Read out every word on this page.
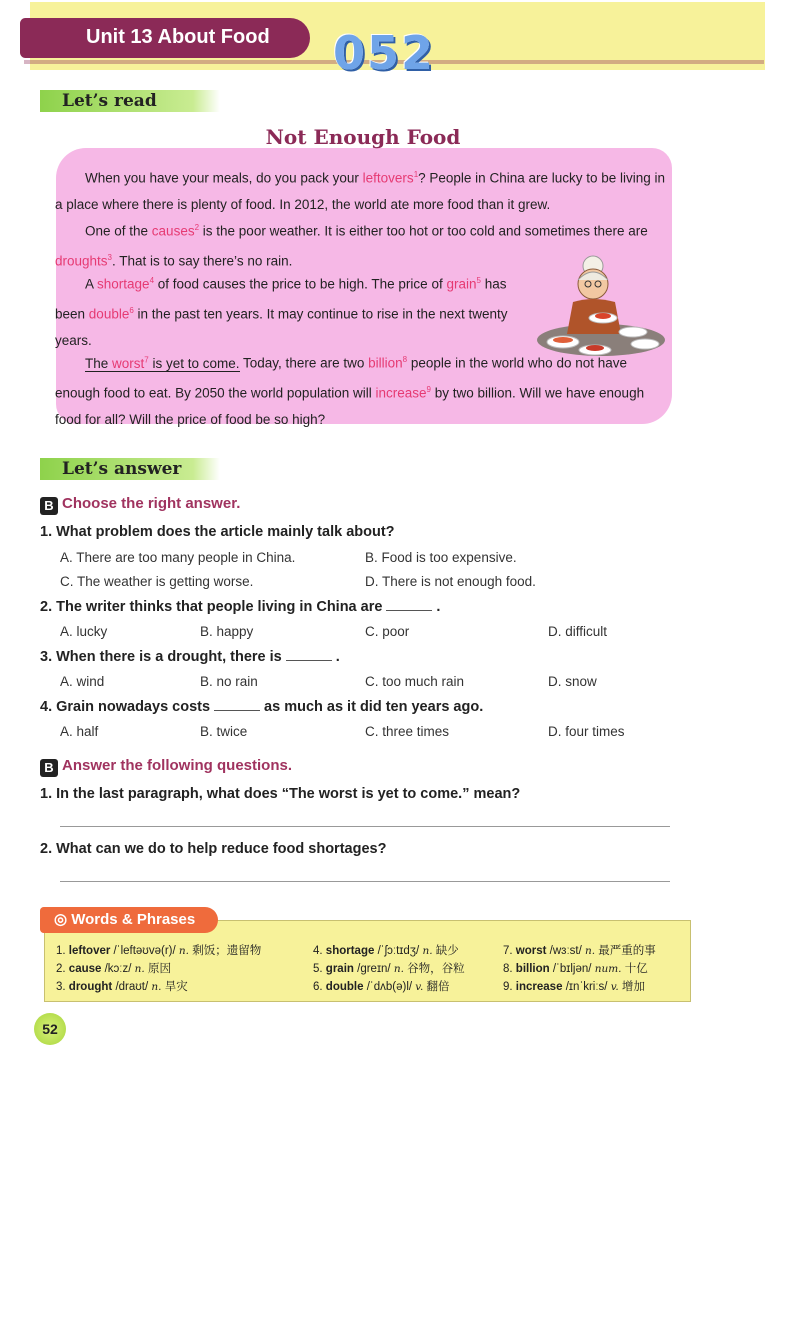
Unit 13 About Food	052
Let’s read
Not Enough Food
When you have your meals, do you pack your leftovers$^1$? People in China are lucky to be living in a place where there is plenty of food. In 2012, the world ate more food than it grew.
One of the causes$^2$ is the poor weather. It is either too hot or too cold and sometimes there are droughts$^3$. That is to say there’s no rain.
A shortage$^4$ of food causes the price to be high. The price of grain$^5$ has been double$^6$ in the past ten years. It may continue to rise in the next twenty years.
The worst$^7$ is yet to come. Today, there are two billion$^8$ people in the world who do not have enough food to eat. By 2050 the world population will increase$^9$ by two billion. Will we have enough food for all? Will the price of food be so high?
Let’s answer
B Choose the right answer.
1. What problem does the article mainly talk about?
A. There are too many people in China.	B. Food is too expensive.
C. The weather is getting worse.	D. There is not enough food.
2. The writer thinks that people living in China are	.
A. lucky	B. happy	C. poor	D. difficult
3. When there is a drought, there is	.
A. wind	B. no rain	C. too much rain	D. snow
4. Grain nowadays costs	as much as it did ten years ago.
A. half	B. twice	C. three times	D. four times
B Answer the following questions.
1. In the last paragraph, what does “The worst is yet to come.” mean?
2. What can we do to help reduce food shortages?
◎ Words & Phrases
1. leftover /ˈleftəʊvə(r)/ n. 剩饭；遗留物
2. cause /kɔːz/ n. 原因
3. drought /draʊt/ n. 旱灾
4. shortage /ˈʃɔːtɪdʒ/ n. 缺少
5. grain /ɡreɪn/ n. 谷物，谷粒
6. double /ˈdʌb(ə)l/ v. 翻倍
7. worst /wɜːst/ n. 最严重的事
8. billion /ˈbɪljən/ num. 十亿
9. increase /ɪnˈkriːs/ v. 增加
52
